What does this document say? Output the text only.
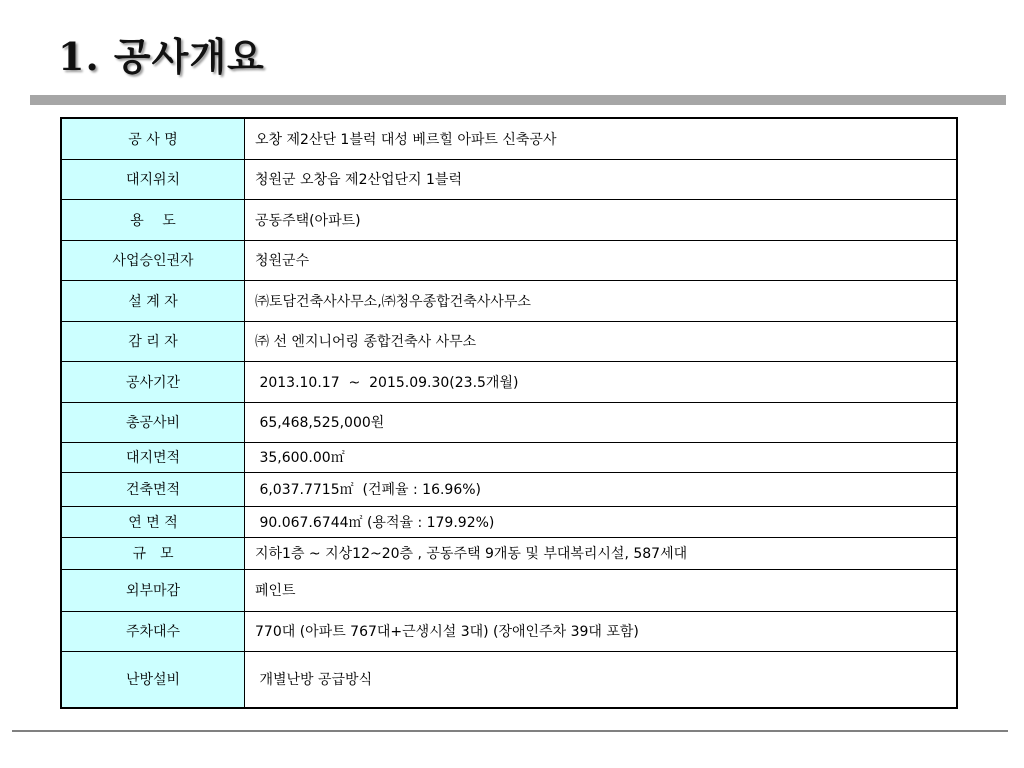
1. 공사개요
공 사 명	오창 제2산단 1블럭 대성 베르힐 아파트 신축공사
대지위치	청원군 오창읍 제2산업단지 1블럭
용　 도	공동주택(아파트)
사업승인권자	청원군수
설 계 자	㈜토담건축사사무소,㈜청우종합건축사사무소
감 리 자	㈜ 선 엔지니어링 종합건축사 사무소
공사기간	2013.10.17  ~  2015.09.30(23.5개월)
총공사비	65,468,525,000원
대지면적	35,600.00㎡
건축면적	6,037.7715㎡  (건폐율 : 16.96%)
연 면 적	90.067.6744㎡ (용적율 : 179.92%)
규　모	지하1층 ~ 지상12~20층 , 공동주택 9개동 및 부대복리시설, 587세대
외부마감	페인트
주차대수	770대 (아파트 767대+근생시설 3대) (장애인주차 39대 포함)
난방설비	개별난방 공급방식
